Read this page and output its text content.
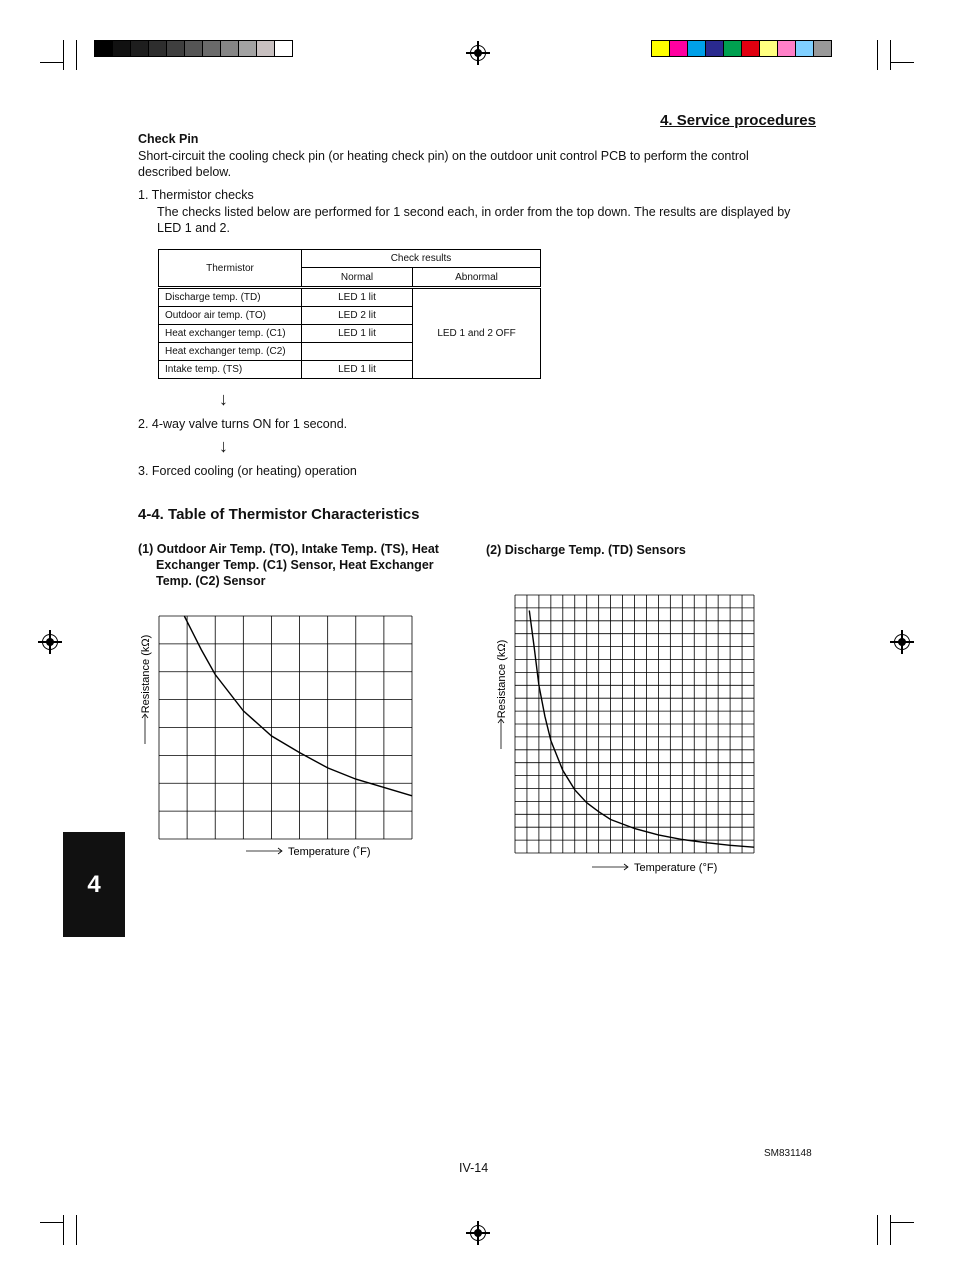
4. Service procedures
Check Pin
Short-circuit the cooling check pin (or heating check pin) on the outdoor unit control PCB to perform the control described below.
1. Thermistor checks
The checks listed below are performed for 1 second each, in order from the top down. The results are displayed by LED 1 and 2.
Thermistor	Check results	
	Normal	Abnormal
Discharge temp. (TD)	LED 1 lit	LED 1 and 2 OFF
Outdoor air temp. (TO)	LED 2 lit	
Heat exchanger temp. (C1)	LED 1 lit	
Heat exchanger temp. (C2)		
Intake temp. (TS)	LED 1 lit	
↓
2. 4-way valve turns ON for 1 second.
↓
3. Forced cooling (or heating) operation
4-4. Table of Thermistor Characteristics
(1) Outdoor Air Temp. (TO), Intake Temp. (TS), Heat
Exchanger Temp. (C1) Sensor, Heat Exchanger
Temp. (C2) Sensor
(2) Discharge Temp. (TD) Sensors
Resistance (kΩ)
Temperature (˚F)
Resistance (kΩ)
Temperature (°F)
4
IV-14
SM831148
